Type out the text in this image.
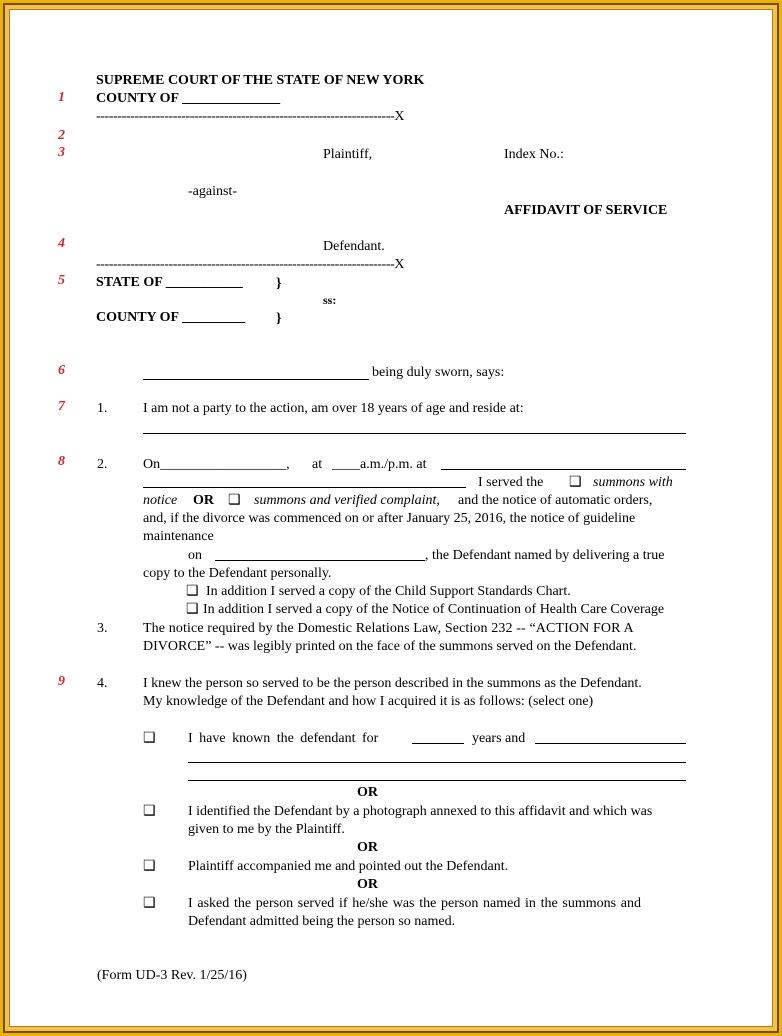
1
2
3
4
5
6
7
8
9
SUPREME COURT OF THE STATE OF NEW YORK
COUNTY OF ______________
----------------------------------------------------------------------X
Plaintiff,	Index No.:
-against-
AFFIDAVIT OF SERVICE
Defendant.
----------------------------------------------------------------------X
STATE OF ___________ }
ss:
COUNTY OF _________ }
being duly sworn, says:
1.	I am not a party to the action, am over 18 years of age and reside at:
2.	On__________________, at ____a.m./p.m. at
I served the ❑ summons with
notice OR ❑ summons and verified complaint, and the notice of automatic orders,
and, if the divorce was commenced on or after January 25, 2016, the notice of guideline
maintenance
on	, the Defendant named by delivering a true
copy to the Defendant personally.
❑ In addition I served a copy of the Child Support Standards Chart.
❑ In addition I served a copy of the Notice of Continuation of Health Care Coverage
3.	The notice required by the Domestic Relations Law, Section 232 -- “ACTION FOR A
DIVORCE” -- was legibly printed on the face of the summons served on the Defendant.
4.	I knew the person so served to be the person described in the summons as the Defendant.
My knowledge of the Defendant and how I acquired it is as follows: (select one)
❑ I have known the defendant for	years and
OR
❑ I identified the Defendant by a photograph annexed to this affidavit and which was
given to me by the Plaintiff.
OR
❑ Plaintiff accompanied me and pointed out the Defendant.
OR
❑ I asked the person served if he/she was the person named in the summons and
Defendant admitted being the person so named.
(Form UD-3 Rev. 1/25/16)
